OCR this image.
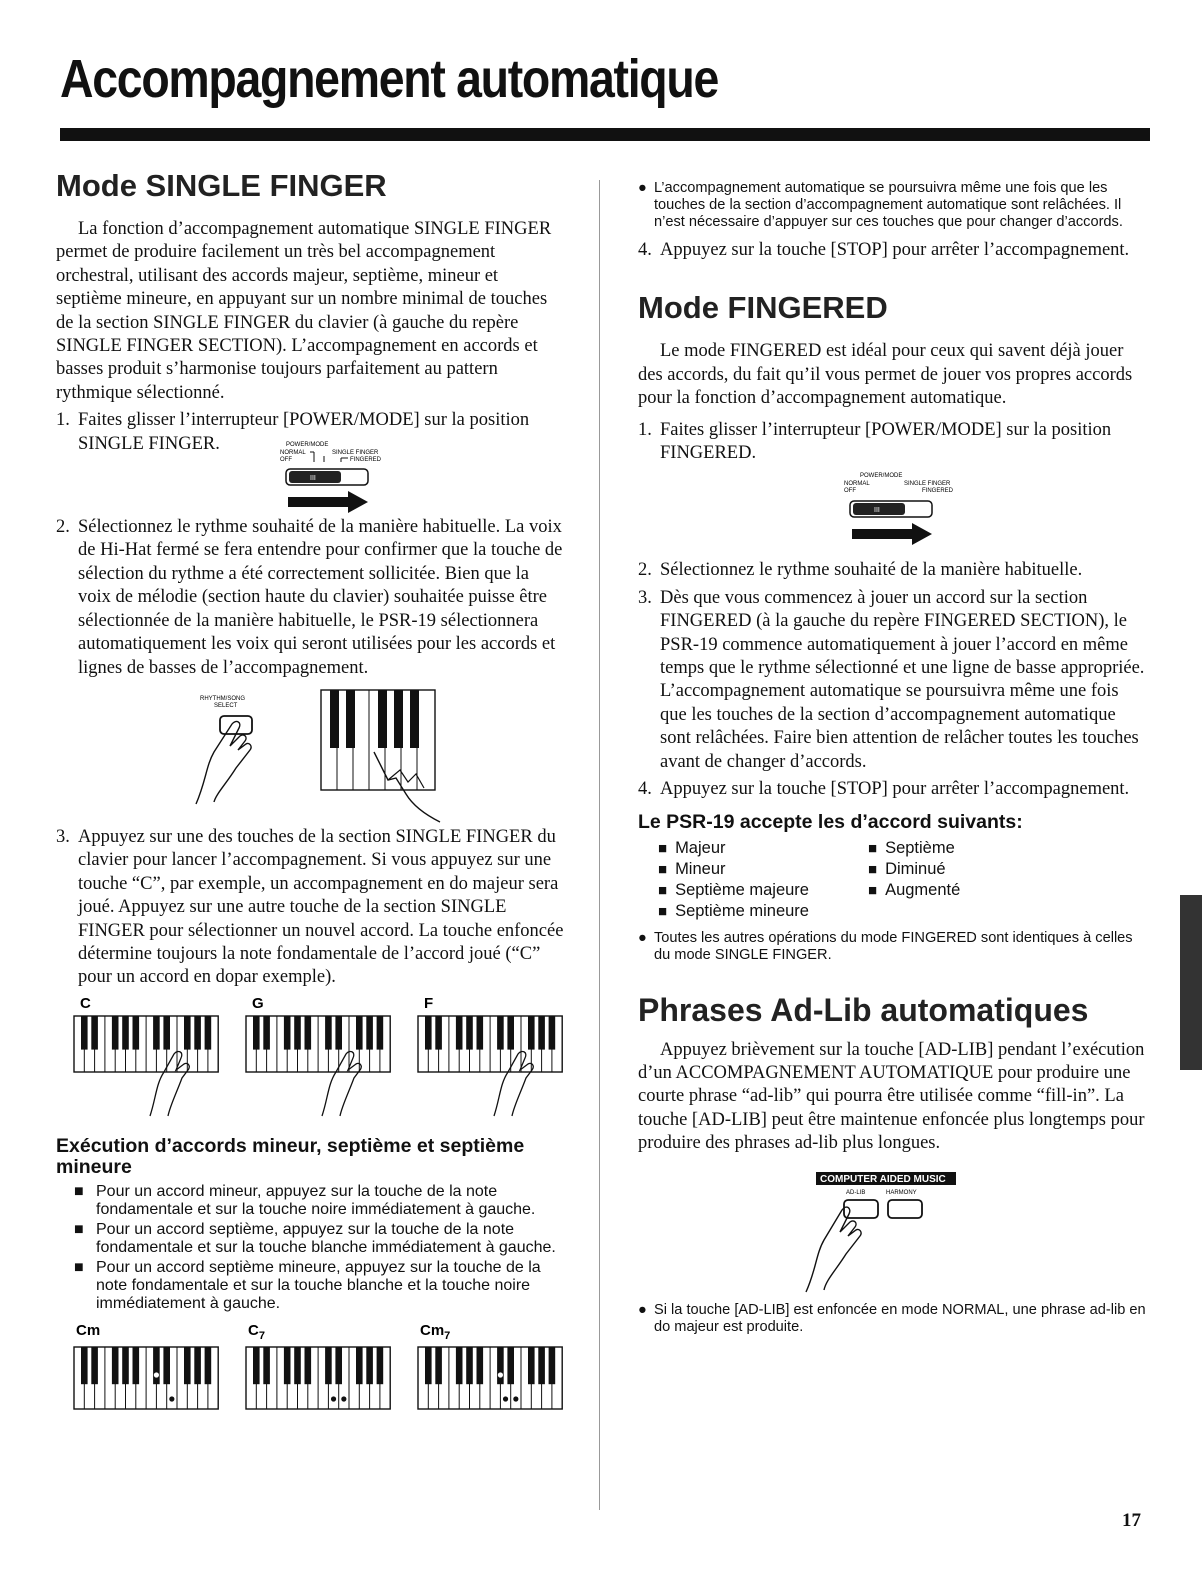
Accompagnement automatique
Mode SINGLE FINGER

La fonction d’accompagnement automatique SINGLE FINGER permet de produire facilement un très bel accompagnement orchestral, utilisant des accords majeur, septième, mineur et septième mineure, en appuyant sur un nombre minimal de touches de la section SINGLE FINGER du clavier (à gauche du repère SINGLE FINGER SECTION). L’accompagnement en accords et basses produit s’harmonise toujours parfaitement au pattern rythmique sélectionné.

1. Faites glisser l’interrupteur [POWER/MODE] sur la position SINGLE FINGER.	POWER/MODE
NORMAL	SINGLE FINGER
OFF	FINGERED
III
2. Sélectionnez le rythme souhaité de la manière habituelle. La voix de Hi-Hat fermé se fera entendre pour confirmer que la touche de sélection du rythme a été correctement sollicitée. Bien que la voix de mélodie (section haute du clavier) souhaitée puisse être sélectionnée de la manière habituelle, le PSR-19 sélectionnera automatiquement les voix qui seront utilisées pour les accords et lignes de basses de l’accompagnement.
RHYTHM/SONG
SELECT
3. Appuyez sur une des touches de la section SINGLE FINGER du clavier pour lancer l’accompagnement. Si vous appuyez sur une touche “C”, par exemple, un accompagnement en do majeur sera joué. Appuyez sur une autre touche de la section SINGLE FINGER pour sélectionner un nouvel accord. La touche enfoncée détermine toujours la note fondamentale de l’accord joué (“C” pour un accord en dopar exemple).
C	G	F
Exécution d’accords mineur, septième et septième mineure
■ Pour un accord mineur, appuyez sur la touche de la note fondamentale et sur la touche noire immédiatement à gauche.
■ Pour un accord septième, appuyez sur la touche de la note fondamentale et sur la touche blanche immédiatement à gauche.
■ Pour un accord septième mineure, appuyez sur la touche de la note fondamentale et sur la touche blanche et la touche noire immédiatement à gauche.
Cm	$C_7$	$Cm_7$

● L’accompagnement automatique se poursuivra même une fois que les touches de la section d’accompagnement automatique sont relâchées. Il n’est nécessaire d’appuyer sur ces touches que pour changer d’accords.

4. Appuyez sur la touche [STOP] pour arrêter l’accompagnement.
Mode FINGERED

Le mode FINGERED est idéal pour ceux qui savent déjà jouer des accords, du fait qu’il vous permet de jouer vos propres accords pour la fonction d’accompagnement automatique.

1. Faites glisser l’interrupteur [POWER/MODE] sur la position FINGERED.
POWER/MODE
NORMAL	SINGLE FINGER
OFF	FINGERED
III
2. Sélectionnez le rythme souhaité de la manière habituelle.
3. Dès que vous commencez à jouer un accord sur la section FINGERED (à la gauche du repère FINGERED SECTION), le PSR-19 commence automatiquement à jouer l’accord en même temps que le rythme sélectionné et une ligne de basse appropriée. L’accompagnement automatique se poursuivra même une fois que les touches de la section d’accompagnement automatique sont relâchées. Faire bien attention de relâcher toutes les touches avant de changer d’accords.
4. Appuyez sur la touche [STOP] pour arrêter l’accompagnement.
Le PSR-19 accepte les d’accord suivants:
■ Majeur	■ Septième
■ Mineur	■ Diminué
■ Septième majeure	■ Augmenté
■ Septième mineure

● Toutes les autres opérations du mode FINGERED sont identiques à celles du mode SINGLE FINGER.

Phrases Ad-Lib automatiques

Appuyez brièvement sur la touche [AD-LIB] pendant l’exécution d’un ACCOMPAGNEMENT AUTOMATIQUE pour produire une courte phrase “ad-lib” qui pourra être utilisée comme “fill-in”. La touche [AD-LIB] peut être maintenue enfoncée plus longtemps pour produire des phrases ad-lib plus longues.

COMPUTER AIDED MUSIC
AD-LIB	HARMONY

● Si la touche [AD-LIB] est enfoncée en mode NORMAL, une phrase ad-lib en do majeur est produite.

17
